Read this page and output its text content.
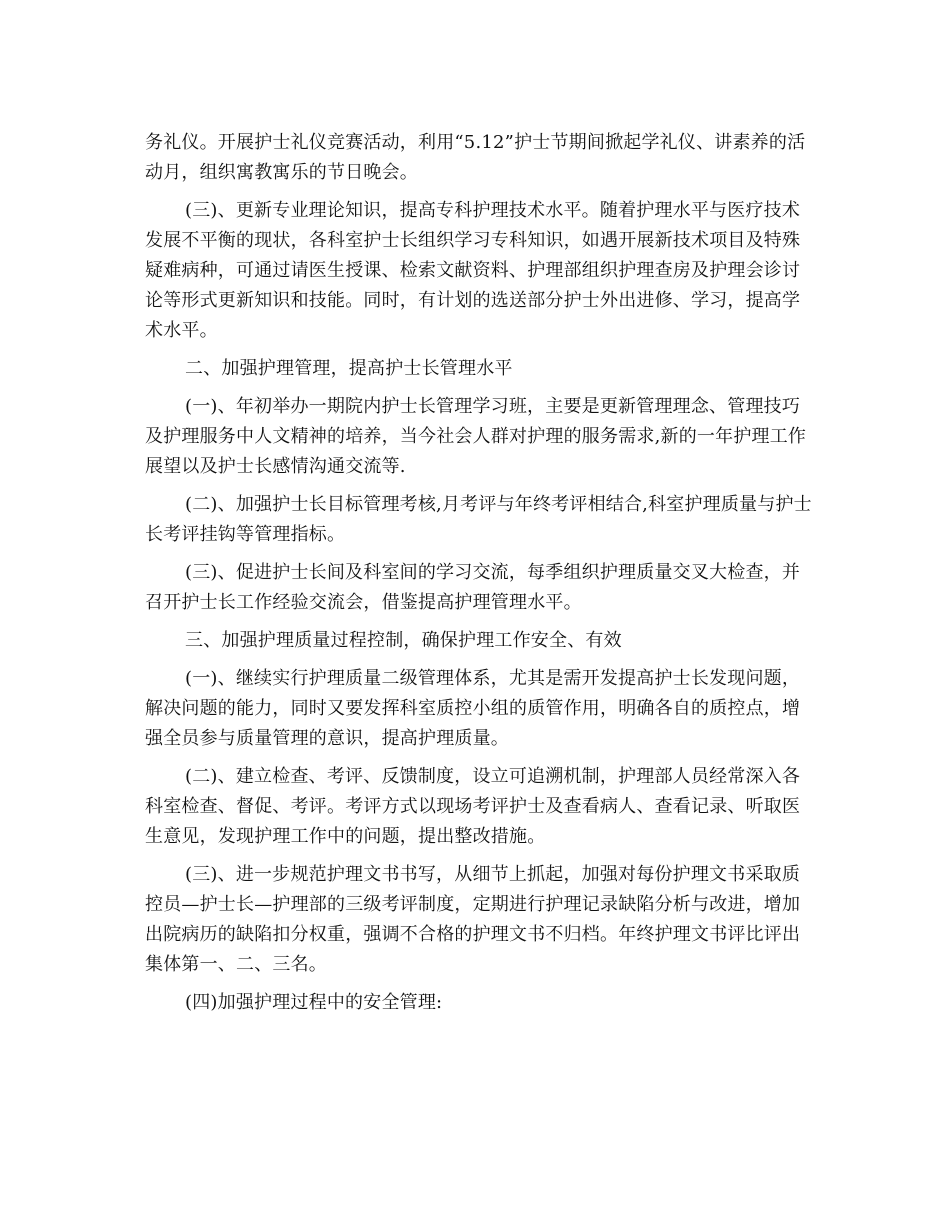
务礼仪。开展护士礼仪竞赛活动，利用“5.12”护士节期间掀起学礼仪、讲素养的活动月，组织寓教寓乐的节日晚会。

(三)、更新专业理论知识，提高专科护理技术水平。随着护理水平与医疗技术发展不平衡的现状，各科室护士长组织学习专科知识，如遇开展新技术项目及特殊疑难病种，可通过请医生授课、检索文献资料、护理部组织护理查房及护理会诊讨论等形式更新知识和技能。同时，有计划的选送部分护士外出进修、学习，提高学术水平。

二、加强护理管理，提高护士长管理水平

(一)、年初举办一期院内护士长管理学习班，主要是更新管理理念、管理技巧及护理服务中人文精神的培养，当今社会人群对护理的服务需求,新的一年护理工作展望以及护士长感情沟通交流等.

(二)、加强护士长目标管理考核,月考评与年终考评相结合,科室护理质量与护士长考评挂钩等管理指标。

(三)、促进护士长间及科室间的学习交流，每季组织护理质量交叉大检查，并召开护士长工作经验交流会，借鉴提高护理管理水平。

三、加强护理质量过程控制，确保护理工作安全、有效

(一)、继续实行护理质量二级管理体系，尤其是需开发提高护士长发现问题，解决问题的能力，同时又要发挥科室质控小组的质管作用，明确各自的质控点，增强全员参与质量管理的意识，提高护理质量。

(二)、建立检查、考评、反馈制度，设立可追溯机制，护理部人员经常深入各科室检查、督促、考评。考评方式以现场考评护士及查看病人、查看记录、听取医生意见，发现护理工作中的问题，提出整改措施。

(三)、进一步规范护理文书书写，从细节上抓起，加强对每份护理文书采取质控员—护士长—护理部的三级考评制度，定期进行护理记录缺陷分析与改进，增加出院病历的缺陷扣分权重，强调不合格的护理文书不归档。年终护理文书评比评出集体第一、二、三名。

(四)加强护理过程中的安全管理:
